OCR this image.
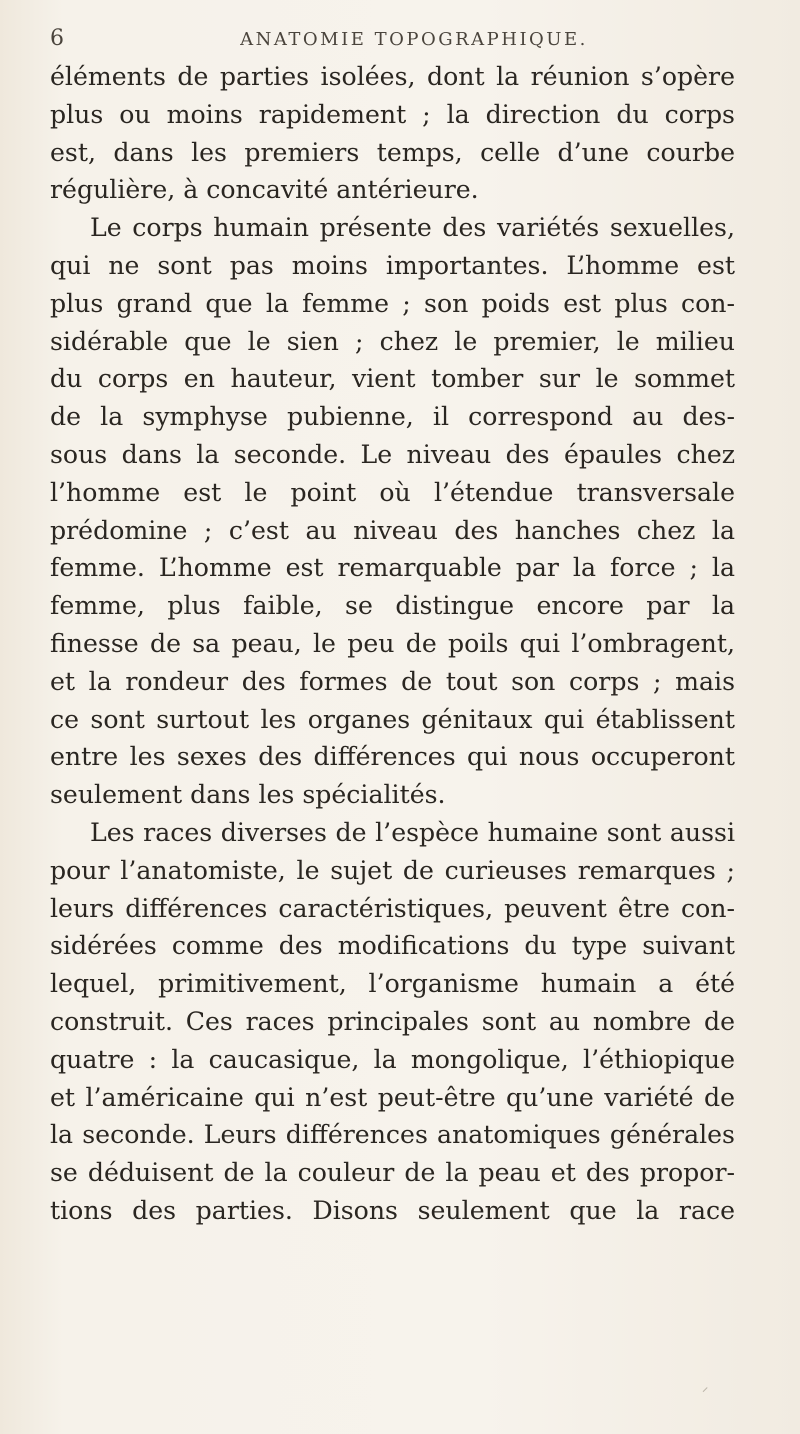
6	ANATOMIE TOPOGRAPHIQUE.
éléments de parties isolées, dont la réunion s’opère
plus ou moins rapidement ; la direction du corps
est, dans les premiers temps, celle d’une courbe
régulière, à concavité antérieure.
Le corps humain présente des variétés sexuelles,
qui ne sont pas moins importantes. L’homme est
plus grand que la femme ; son poids est plus con-
sidérable que le sien ; chez le premier, le milieu
du corps en hauteur, vient tomber sur le sommet
de la symphyse pubienne, il correspond au des-
sous dans la seconde. Le niveau des épaules chez
l’homme est le point où l’étendue transversale
prédomine ; c’est au niveau des hanches chez la
femme. L’homme est remarquable par la force ; la
femme, plus faible, se distingue encore par la
finesse de sa peau, le peu de poils qui l’ombragent,
et la rondeur des formes de tout son corps ; mais
ce sont surtout les organes génitaux qui établissent
entre les sexes des différences qui nous occuperont
seulement dans les spécialités.
Les races diverses de l’espèce humaine sont aussi
pour l’anatomiste, le sujet de curieuses remarques ;
leurs différences caractéristiques, peuvent être con-
sidérées comme des modifications du type suivant
lequel, primitivement, l’organisme humain a été
construit. Ces races principales sont au nombre de
quatre : la caucasique, la mongolique, l’éthiopique
et l’américaine qui n’est peut-être qu’une variété de
la seconde. Leurs différences anatomiques générales
se déduisent de la couleur de la peau et des propor-
tions des parties. Disons seulement que la race
